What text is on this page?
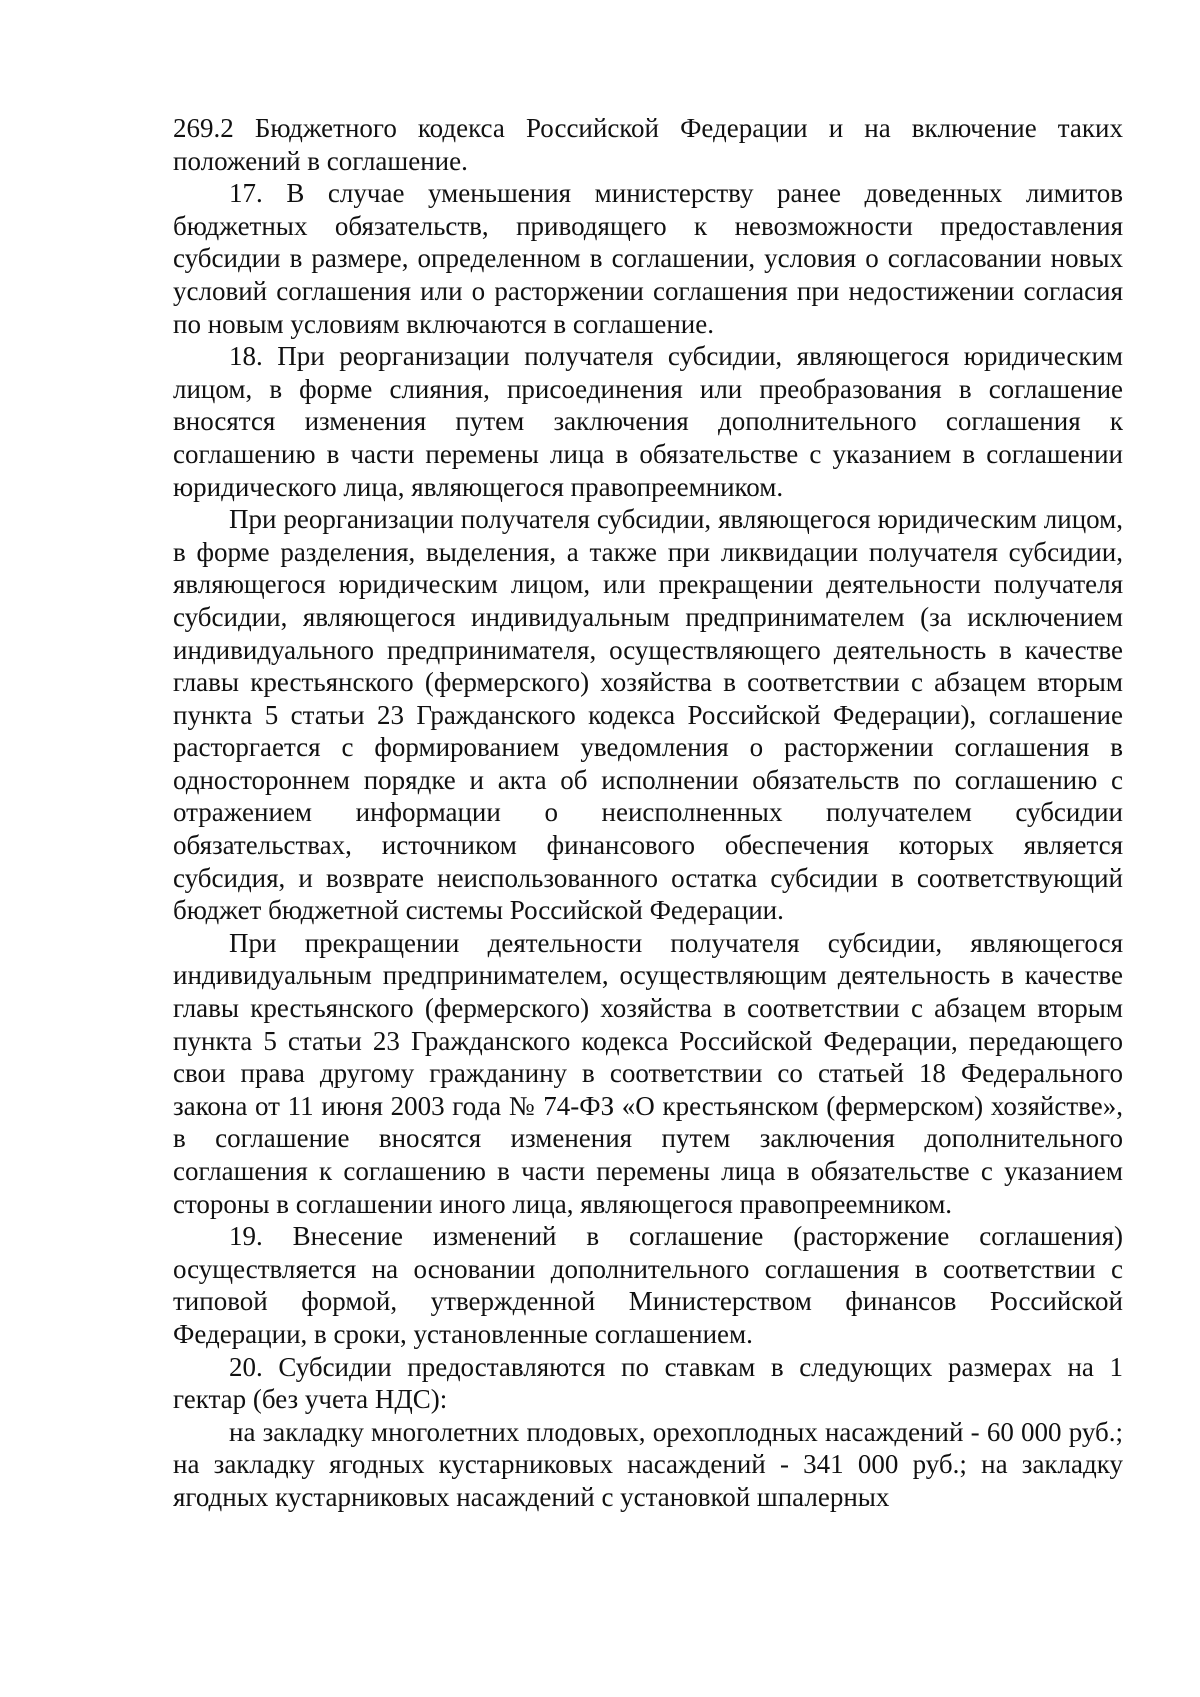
269.2 Бюджетного кодекса Российской Федерации и на включение таких положений в соглашение.

17. В случае уменьшения министерству ранее доведенных лимитов бюджетных обязательств, приводящего к невозможности предоставления субсидии в размере, определенном в соглашении, условия о согласовании новых условий соглашения или о расторжении соглашения при недостижении согласия по новым условиям включаются в соглашение.

18. При реорганизации получателя субсидии, являющегося юридическим лицом, в форме слияния, присоединения или преобразования в соглашение вносятся изменения путем заключения дополнительного соглашения к соглашению в части перемены лица в обязательстве с указанием в соглашении юридического лица, являющегося правопреемником.

При реорганизации получателя субсидии, являющегося юридическим лицом, в форме разделения, выделения, а также при ликвидации получателя субсидии, являющегося юридическим лицом, или прекращении деятельности получателя субсидии, являющегося индивидуальным предпринимателем (за исключением индивидуального предпринимателя, осуществляющего деятельность в качестве главы крестьянского (фермерского) хозяйства в соответствии с абзацем вторым пункта 5 статьи 23 Гражданского кодекса Российской Федерации), соглашение расторгается с формированием уведомления о расторжении соглашения в одностороннем порядке и акта об исполнении обязательств по соглашению с отражением информации о неисполненных получателем субсидии обязательствах, источником финансового обеспечения которых является субсидия, и возврате неиспользованного остатка субсидии в соответствующий бюджет бюджетной системы Российской Федерации.

При прекращении деятельности получателя субсидии, являющегося индивидуальным предпринимателем, осуществляющим деятельность в качестве главы крестьянского (фермерского) хозяйства в соответствии с абзацем вторым пункта 5 статьи 23 Гражданского кодекса Российской Федерации, передающего свои права другому гражданину в соответствии со статьей 18 Федерального закона от 11 июня 2003 года № 74-ФЗ «О крестьянском (фермерском) хозяйстве», в соглашение вносятся изменения путем заключения дополнительного соглашения к соглашению в части перемены лица в обязательстве с указанием стороны в соглашении иного лица, являющегося правопреемником.

19. Внесение изменений в соглашение (расторжение соглашения) осуществляется на основании дополнительного соглашения в соответствии с типовой формой, утвержденной Министерством финансов Российской Федерации, в сроки, установленные соглашением.

20. Субсидии предоставляются по ставкам в следующих размерах на 1 гектар (без учета НДС):

на закладку многолетних плодовых, орехоплодных насаждений - 60 000 руб.; на закладку ягодных кустарниковых насаждений - 341 000 руб.; на закладку ягодных кустарниковых насаждений с установкой шпалерных
